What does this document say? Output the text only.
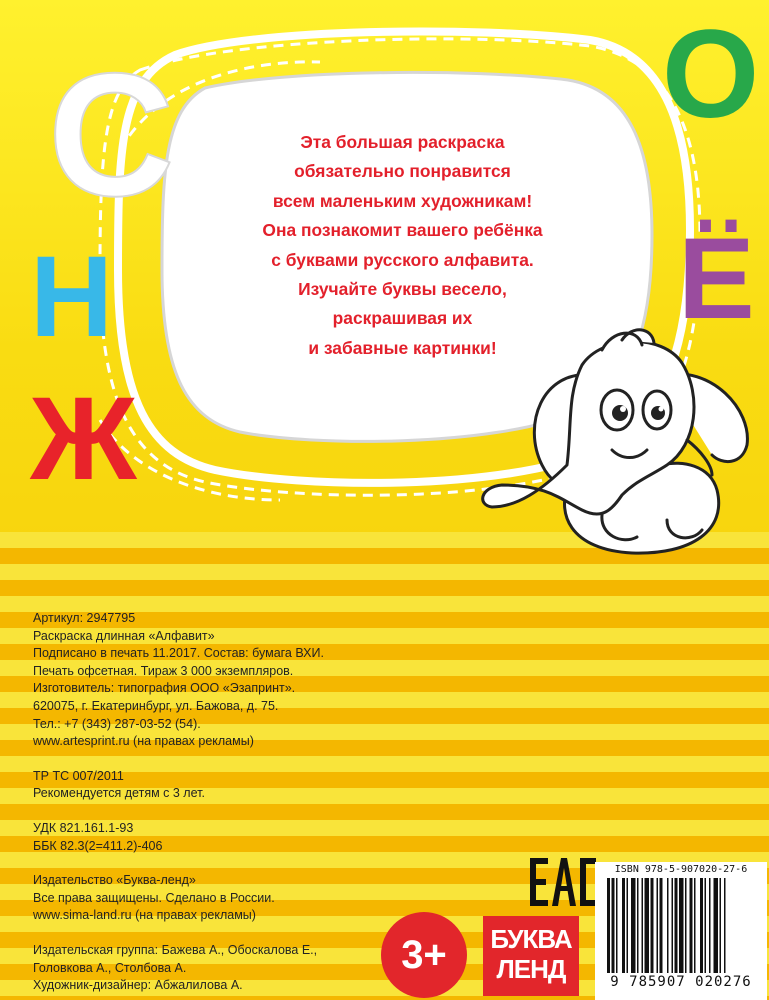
С	О
Н	Ё
Ж
Эта большая раскраска
обязательно понравится
всем маленьким художникам!
Она познакомит вашего ребёнка
с буквами русского алфавита.
Изучайте буквы весело,
раскрашивая их
и забавные картинки!
Артикул: 2947795
Раскраска длинная «Алфавит»
Подписано в печать 11.2017. Состав: бумага ВХИ.
Печать офсетная. Тираж 3 000 экземпляров.
Изготовитель: типография ООО «Эзапринт».
620075, г. Екатеринбург, ул. Бажова, д. 75.
Тел.: +7 (343) 287-03-52 (54).
www.artesprint.ru (на правах рекламы)
ТР ТС 007/2011
Рекомендуется детям с 3 лет.
УДК 821.161.1-93
ББК 82.3(2=411.2)-406
Издательство «Буква-ленд»
Все права защищены. Сделано в России.
www.sima-land.ru (на правах рекламы)
Издательская группа: Бажева А., Обоскалова Е.,
Головкова А., Столбова А.
Художник-дизайнер: Абжалилова А.
3+	БУКВА
ЛЕНД
ISBN 978-5-907020-27-6
9 785907 020276
